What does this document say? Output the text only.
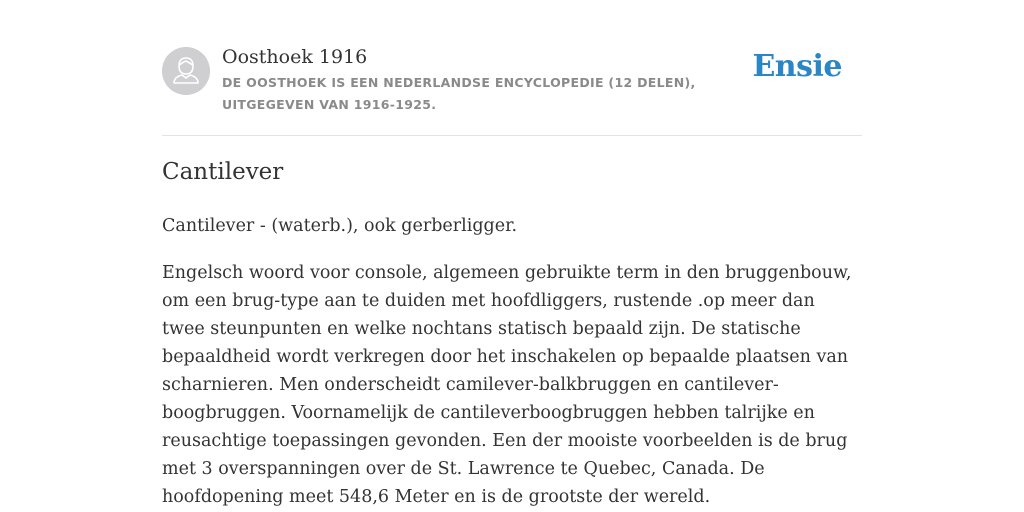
Oosthoek 1916
DE OOSTHOEK IS EEN NEDERLANDSE ENCYCLOPEDIE (12 DELEN), UITGEGEVEN VAN 1916-1925.
Ensie
Cantilever

Cantilever - (waterb.), ook gerberligger.

Engelsch woord voor console, algemeen gebruikte term in den bruggenbouw, om een brug-type aan te duiden met hoofdliggers, rustende .op meer dan twee steunpunten en welke nochtans statisch bepaald zijn. De statische bepaaldheid wordt verkregen door het inschakelen op bepaalde plaatsen van scharnieren. Men onderscheidt camilever-balkbruggen en cantilever-boogbruggen. Voornamelijk de cantileverboogbruggen hebben talrijke en reusachtige toepassingen gevonden. Een der mooiste voorbeelden is de brug met 3 overspanningen over de St. Lawrence te Quebec, Canada. De hoofdopening meet 548,6 Meter en is de grootste der wereld.
